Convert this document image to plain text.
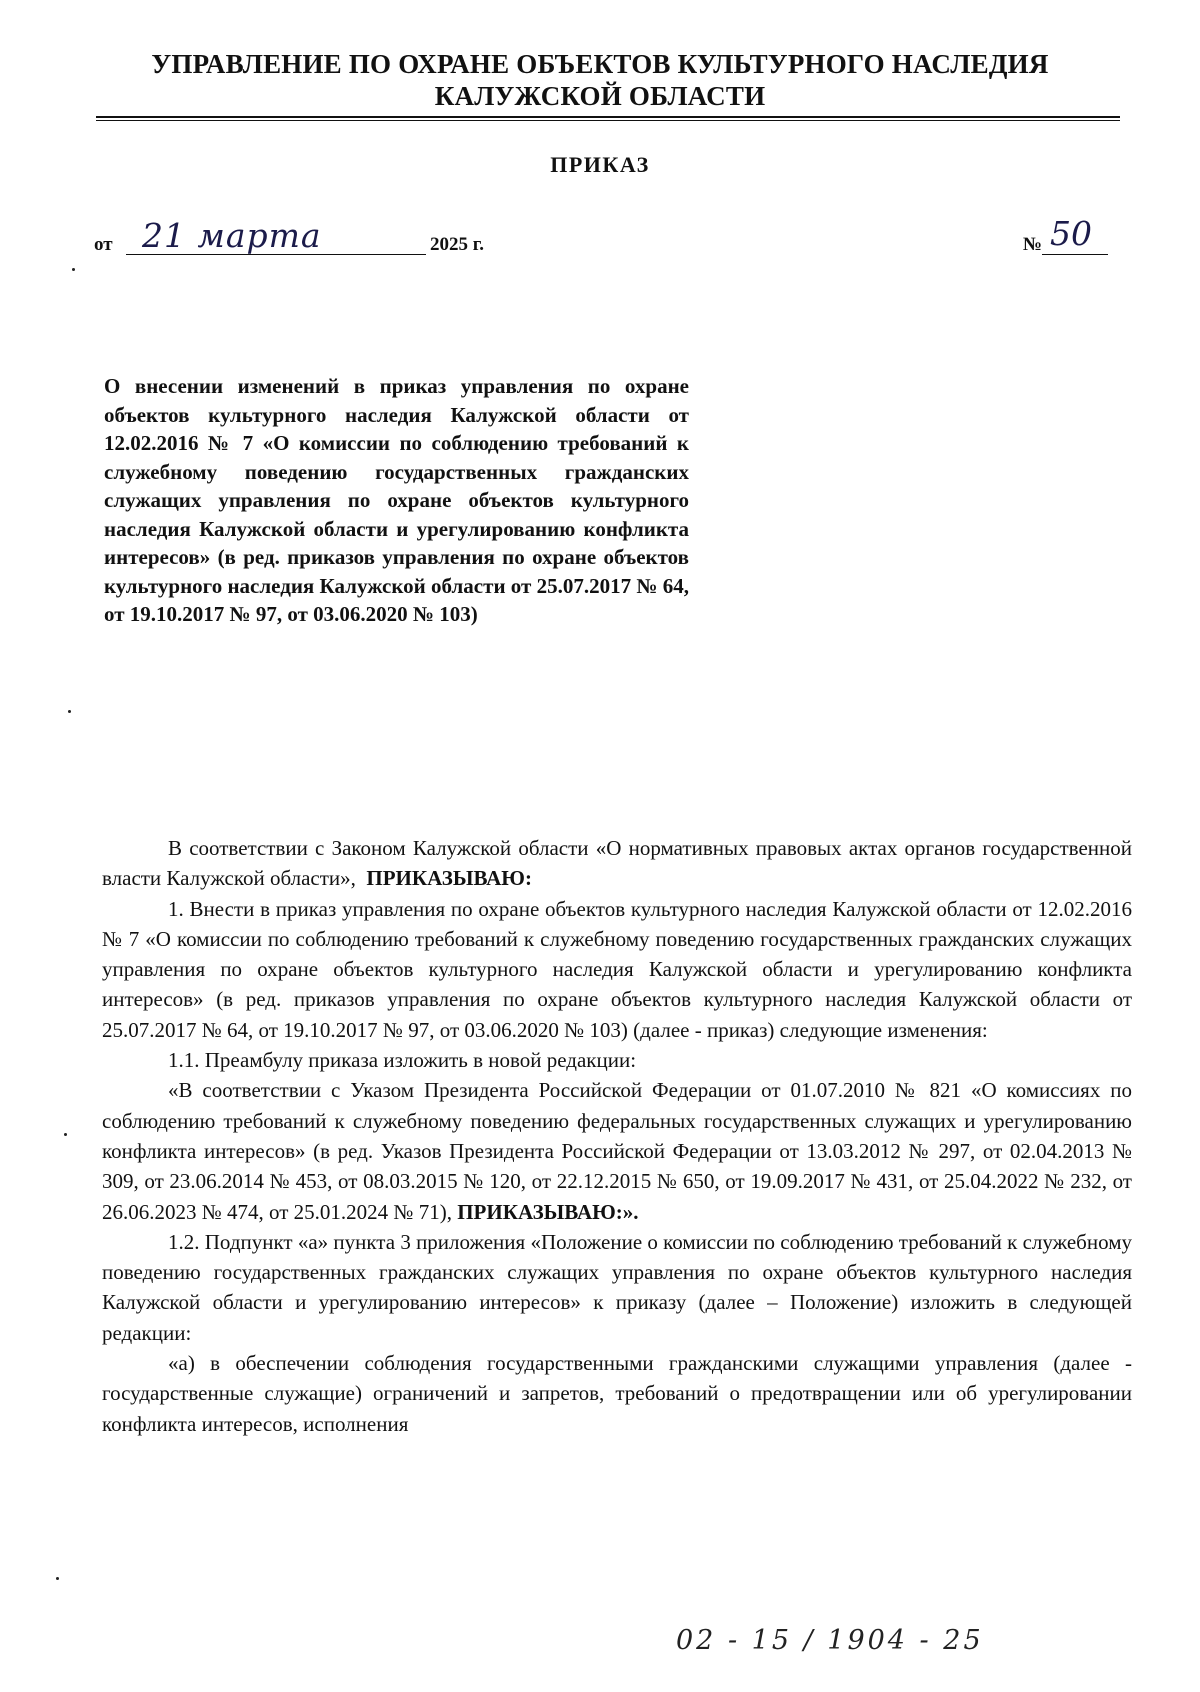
УПРАВЛЕНИЕ ПО ОХРАНЕ ОБЪЕКТОВ КУЛЬТУРНОГО НАСЛЕДИЯ
КАЛУЖСКОЙ ОБЛАСТИ
ПРИКАЗ
от 21 марта	2025 г.	№ 50
О внесении изменений в приказ управления по охране объектов культурного наследия Калужской области от 12.02.2016 № 7 «О комиссии по соблюдению требований к служебному поведению государственных гражданских служащих управления по охране объектов культурного наследия Калужской области и урегулированию конфликта интересов» (в ред. приказов управления по охране объектов культурного наследия Калужской области от 25.07.2017 № 64, от 19.10.2017 № 97, от 03.06.2020 № 103)

В соответствии с Законом Калужской области «О нормативных правовых актах органов государственной власти Калужской области», ПРИКАЗЫВАЮ:

1. Внести в приказ управления по охране объектов культурного наследия Калужской области от 12.02.2016 № 7 «О комиссии по соблюдению требований к служебному поведению государственных гражданских служащих управления по охране объектов культурного наследия Калужской области и урегулированию конфликта интересов» (в ред. приказов управления по охране объектов культурного наследия Калужской области от 25.07.2017 № 64, от 19.10.2017 № 97, от 03.06.2020 № 103) (далее - приказ) следующие изменения:

1.1. Преамбулу приказа изложить в новой редакции:

«В соответствии с Указом Президента Российской Федерации от 01.07.2010 № 821 «О комиссиях по соблюдению требований к служебному поведению федеральных государственных служащих и урегулированию конфликта интересов» (в ред. Указов Президента Российской Федерации от 13.03.2012 № 297, от 02.04.2013 № 309, от 23.06.2014 № 453, от 08.03.2015 № 120, от 22.12.2015 № 650, от 19.09.2017 № 431, от 25.04.2022 № 232, от 26.06.2023 № 474, от 25.01.2024 № 71), ПРИКАЗЫВАЮ:».

1.2. Подпункт «а» пункта 3 приложения «Положение о комиссии по соблюдению требований к служебному поведению государственных гражданских служащих управления по охране объектов культурного наследия Калужской области и урегулированию интересов» к приказу (далее – Положение) изложить в следующей редакции:

«а) в обеспечении соблюдения государственными гражданскими служащими управления (далее - государственные служащие) ограничений и запретов, требований о предотвращении или об урегулировании конфликта интересов, исполнения

02 - 15 / 1904 - 25
